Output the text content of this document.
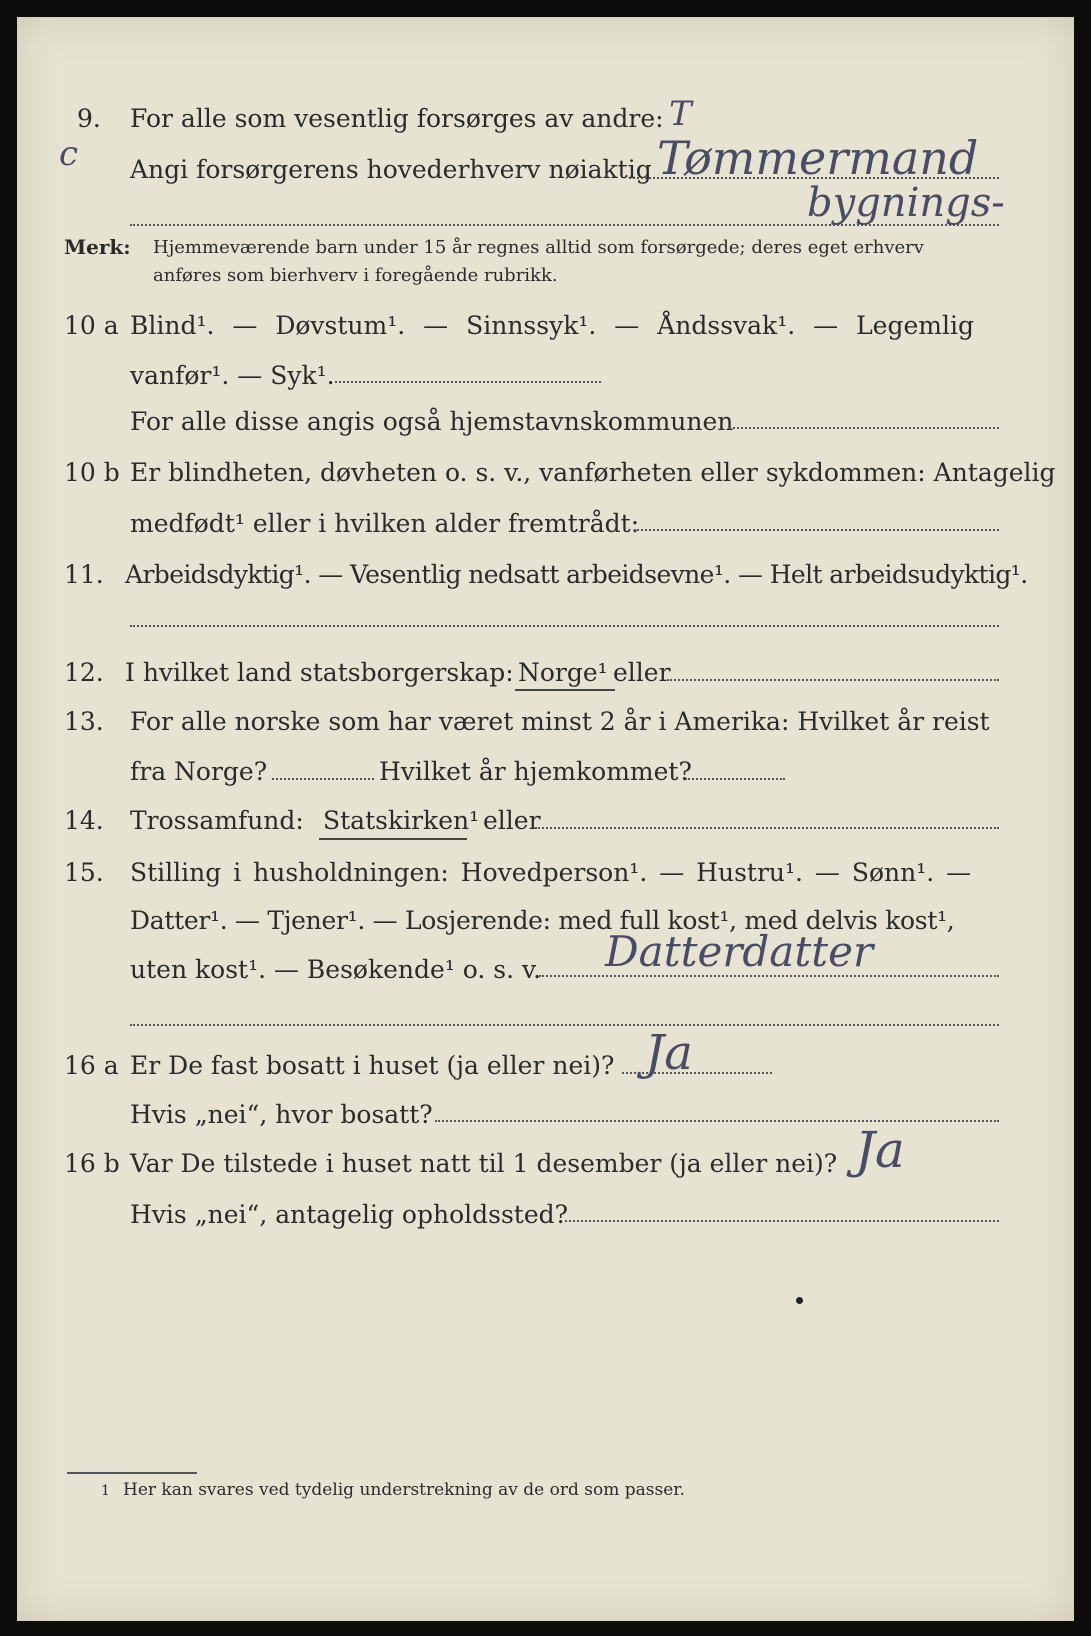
9. For alle som vesentlig forsørges av andre: T
c Angi forsørgerens hovederhverv nøiaktig Tømmermand
bygnings-
Merk: Hjemmeværende barn under 15 år regnes alltid som forsørgede; deres eget erhverv
anføres som bierhverv i foregående rubrikk.
10 a Blind¹. — Døvstum¹. — Sinnssyk¹. — Åndssvak¹. — Legemlig
vanfør¹. — Syk¹.
For alle disse angis også hjemstavnskommunen
10 b Er blindheten, døvheten o. s. v., vanførheten eller sykdommen: Antagelig
medfødt¹ eller i hvilken alder fremtrådt:
11. Arbeidsdyktig¹. — Vesentlig nedsatt arbeidsevne¹. — Helt arbeidsudyktig¹.
12. I hvilket land statsborgerskap: Norge¹ eller
13. For alle norske som har været minst 2 år i Amerika: Hvilket år reist
fra Norge?	Hvilket år hjemkommet?
14. Trossamfund: Statskirken¹ eller
15. Stilling i husholdningen: Hovedperson¹. — Hustru¹. — Sønn¹. —
Datter¹. — Tjener¹. — Losjerende: med full kost¹, med delvis kost¹,
uten kost¹. — Besøkende¹ o. s. v. Datterdatter
16 a Er De fast bosatt i huset (ja eller nei)? Ja
Hvis „nei“, hvor bosatt?
16 b Var De tilstede i huset natt til 1 desember (ja eller nei)? Ja
Hvis „nei“, antagelig opholdssted?
1 Her kan svares ved tydelig understrekning av de ord som passer.
